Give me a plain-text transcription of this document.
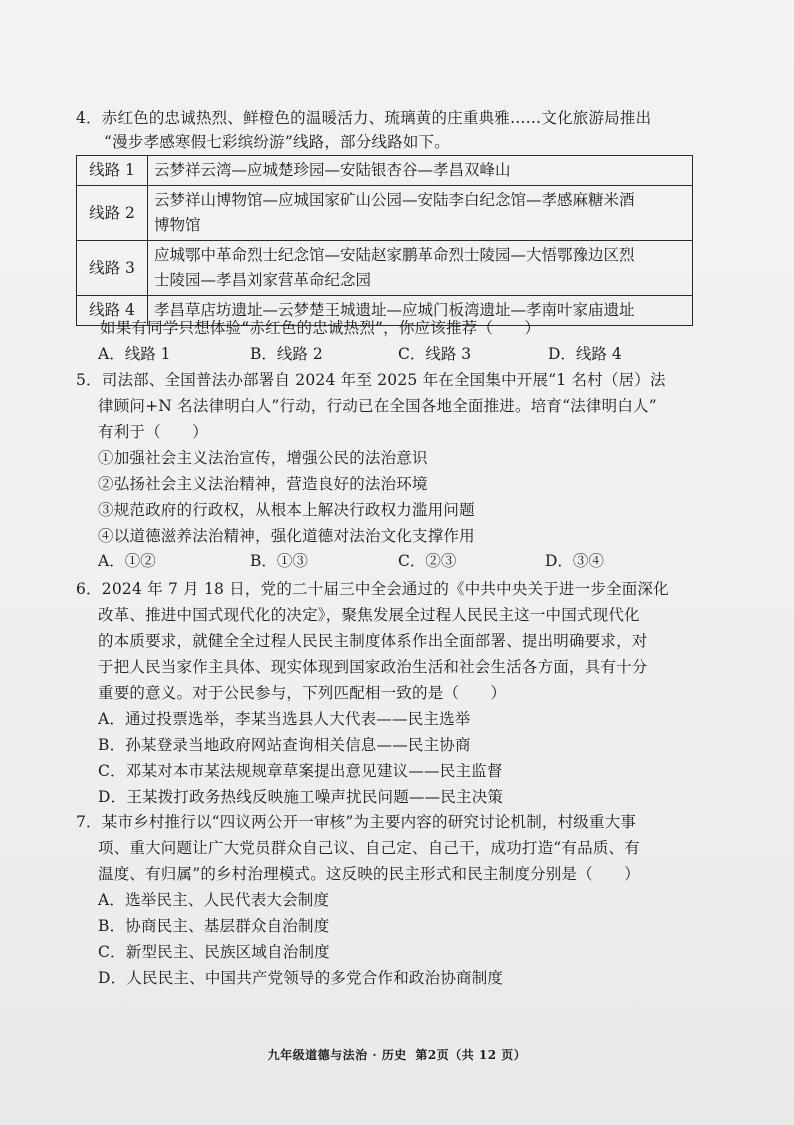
4．赤红色的忠诚热烈、鲜橙色的温暖活力、琉璃黄的庄重典雅……文化旅游局推出
“漫步孝感寒假七彩缤纷游”线路，部分线路如下。
线路 1	云梦祥云湾—应城楚珍园—安陆银杏谷—孝昌双峰山
线路 2	云梦祥山博物馆—应城国家矿山公园—安陆李白纪念馆—孝感麻糖米酒
博物馆
线路 3	应城鄂中革命烈士纪念馆—安陆赵家鹏革命烈士陵园—大悟鄂豫边区烈
士陵园—孝昌刘家营革命纪念园
线路 4	孝昌草店坊遗址—云梦楚王城遗址—应城门板湾遗址—孝南叶家庙遗址
如果有同学只想体验“赤红色的忠诚热烈”，你应该推荐（　　）
A．线路 1	B．线路 2	C．线路 3	D．线路 4
5．司法部、全国普法办部署自 2024 年至 2025 年在全国集中开展“1 名村（居）法
律顾问+N 名法律明白人”行动，行动已在全国各地全面推进。培育“法律明白人”
有利于（　　）
①加强社会主义法治宣传，增强公民的法治意识
②弘扬社会主义法治精神，营造良好的法治环境
③规范政府的行政权，从根本上解决行政权力滥用问题
④以道德滋养法治精神，强化道德对法治文化支撑作用
A．①②	B．①③	C．②③	D．③④
6．2024 年 7 月 18 日，党的二十届三中全会通过的《中共中央关于进一步全面深化
改革、推进中国式现代化的决定》，聚焦发展全过程人民民主这一中国式现代化
的本质要求，就健全全过程人民民主制度体系作出全面部署、提出明确要求，对
于把人民当家作主具体、现实体现到国家政治生活和社会生活各方面，具有十分
重要的意义。对于公民参与，下列匹配相一致的是（　　）
A．通过投票选举，李某当选县人大代表——民主选举
B．孙某登录当地政府网站查询相关信息——民主协商
C．邓某对本市某法规规章草案提出意见建议——民主监督
D．王某拨打政务热线反映施工噪声扰民问题——民主决策
7．某市乡村推行以“四议两公开一审核”为主要内容的研究讨论机制，村级重大事
项、重大问题让广大党员群众自己议、自己定、自己干，成功打造“有品质、有
温度、有归属”的乡村治理模式。这反映的民主形式和民主制度分别是（　　）
A．选举民主、人民代表大会制度
B．协商民主、基层群众自治制度
C．新型民主、民族区域自治制度
D．人民民主、中国共产党领导的多党合作和政治协商制度
九年级道德与法治 · 历史 第2页（共 12 页）
